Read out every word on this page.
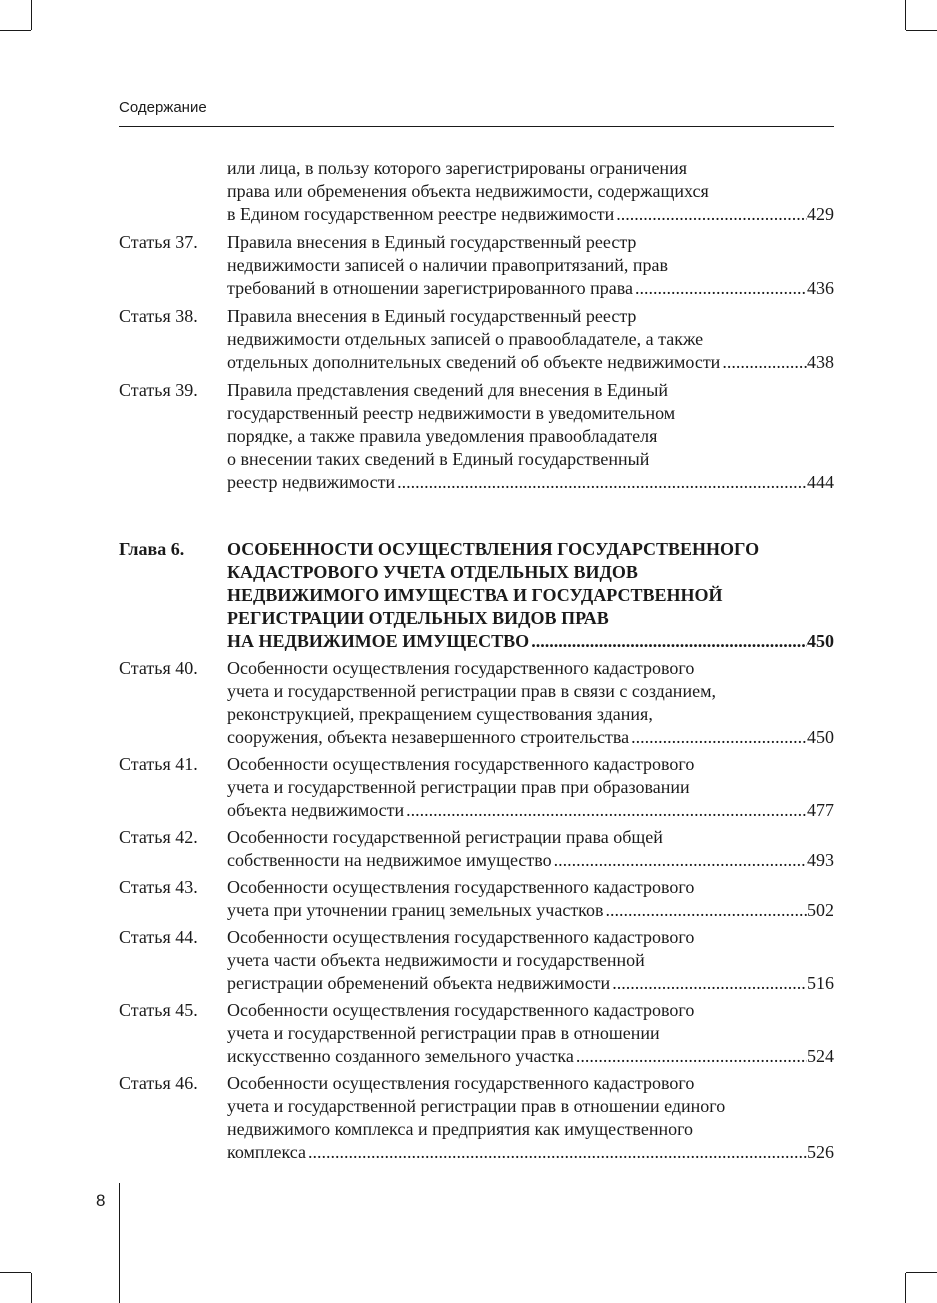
Содержание
или лица, в пользу которого зарегистрированы ограничения
права или обременения объекта недвижимости, содержащихся
в Едином государственном реестре недвижимости .....	429
Статья 37. Правила внесения в Единый государственный реестр
недвижимости записей о наличии правопритязаний, прав
требований в отношении зарегистрированного права .....	436
Статья 38. Правила внесения в Единый государственный реестр
недвижимости отдельных записей о правообладателе, а также
отдельных дополнительных сведений об объекте недвижимости .....	438
Статья 39. Правила представления сведений для внесения в Единый
государственный реестр недвижимости в уведомительном
порядке, а также правила уведомления правообладателя
о внесении таких сведений в Единый государственный
реестр недвижимости .....	444
Глава 6. ОСОБЕННОСТИ ОСУЩЕСТВЛЕНИЯ ГОСУДАРСТВЕННОГО
КАДАСТРОВОГО УЧЕТА ОТДЕЛЬНЫХ ВИДОВ
НЕДВИЖИМОГО ИМУЩЕСТВА И ГОСУДАРСТВЕННОЙ
РЕГИСТРАЦИИ ОТДЕЛЬНЫХ ВИДОВ ПРАВ
НА НЕДВИЖИМОЕ ИМУЩЕСТВО .....	450
Статья 40. Особенности осуществления государственного кадастрового
учета и государственной регистрации прав в связи с созданием,
реконструкцией, прекращением существования здания,
сооружения, объекта незавершенного строительства .....	450
Статья 41. Особенности осуществления государственного кадастрового
учета и государственной регистрации прав при образовании
объекта недвижимости .....	477
Статья 42. Особенности государственной регистрации права общей
собственности на недвижимое имущество .....	493
Статья 43. Особенности осуществления государственного кадастрового
учета при уточнении границ земельных участков .....	502
Статья 44. Особенности осуществления государственного кадастрового
учета части объекта недвижимости и государственной
регистрации обременений объекта недвижимости .....	516
Статья 45. Особенности осуществления государственного кадастрового
учета и государственной регистрации прав в отношении
искусственно созданного земельного участка .....	524
Статья 46. Особенности осуществления государственного кадастрового
учета и государственной регистрации прав в отношении единого
недвижимого комплекса и предприятия как имущественного
комплекса .....	526
8
